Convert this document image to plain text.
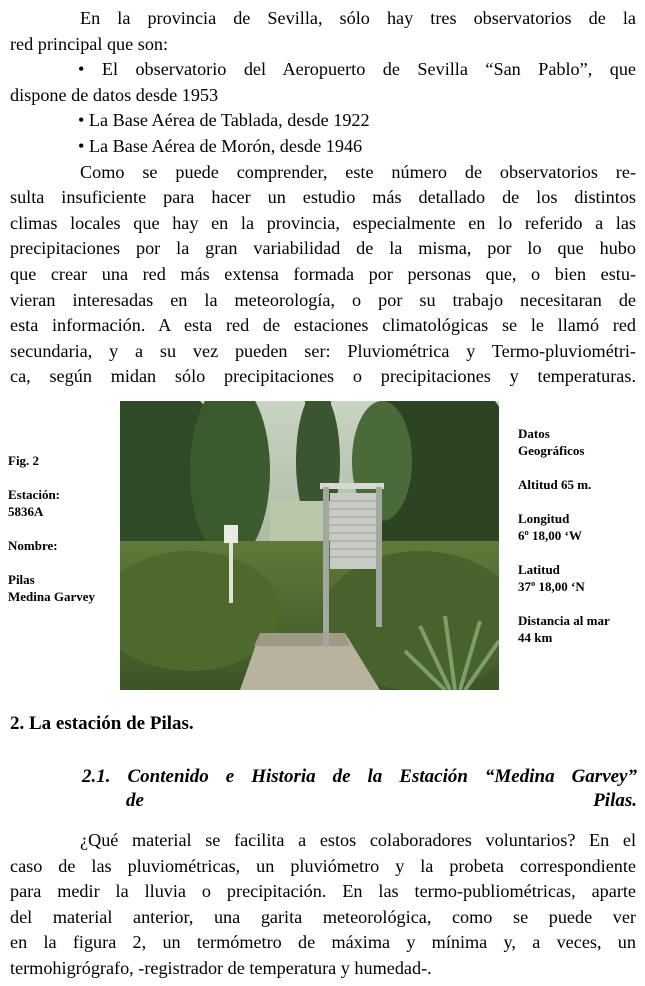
En la provincia de Sevilla, sólo hay tres observatorios de la
red principal que son:
• El observatorio del Aeropuerto de Sevilla “San Pablo”, que
dispone de datos desde 1953
• La Base Aérea de Tablada, desde 1922
• La Base Aérea de Morón, desde 1946
Como se puede comprender, este número de observatorios re-
sulta insuficiente para hacer un estudio más detallado de los distintos
climas locales que hay en la provincia, especialmente en lo referido a las
precipitaciones por la gran variabilidad de la misma, por lo que hubo
que crear una red más extensa formada por personas que, o bien estu-
vieran interesadas en la meteorología, o por su trabajo necesitaran de
esta información. A esta red de estaciones climatológicas se le llamó red
secundaria, y a su vez pueden ser: Pluviométrica y Termo-pluviométri-
ca, según midan sólo precipitaciones o precipitaciones y temperaturas.
Fig. 2
Estación:
5836A
Nombre:
Pilas
Medina Garvey
Datos
Geográficos
Altitud 65 m.
Longitud
6º 18,00 ‘W
Latitud
37º 18,00 ‘N
Distancia al mar
44 km
2. La estación de Pilas.
2.1. Contenido e Historia de la Estación “Medina Garvey”
de Pilas.
¿Qué material se facilita a estos colaboradores voluntarios? En el
caso de las pluviométricas, un pluviómetro y la probeta correspondiente
para medir la lluvia o precipitación. En las termo-publiométricas, aparte
del material anterior, una garita meteorológica, como se puede ver
en la figura 2, un termómetro de máxima y mínima y, a veces, un
termohigrógrafo, -registrador de temperatura y humedad-.
